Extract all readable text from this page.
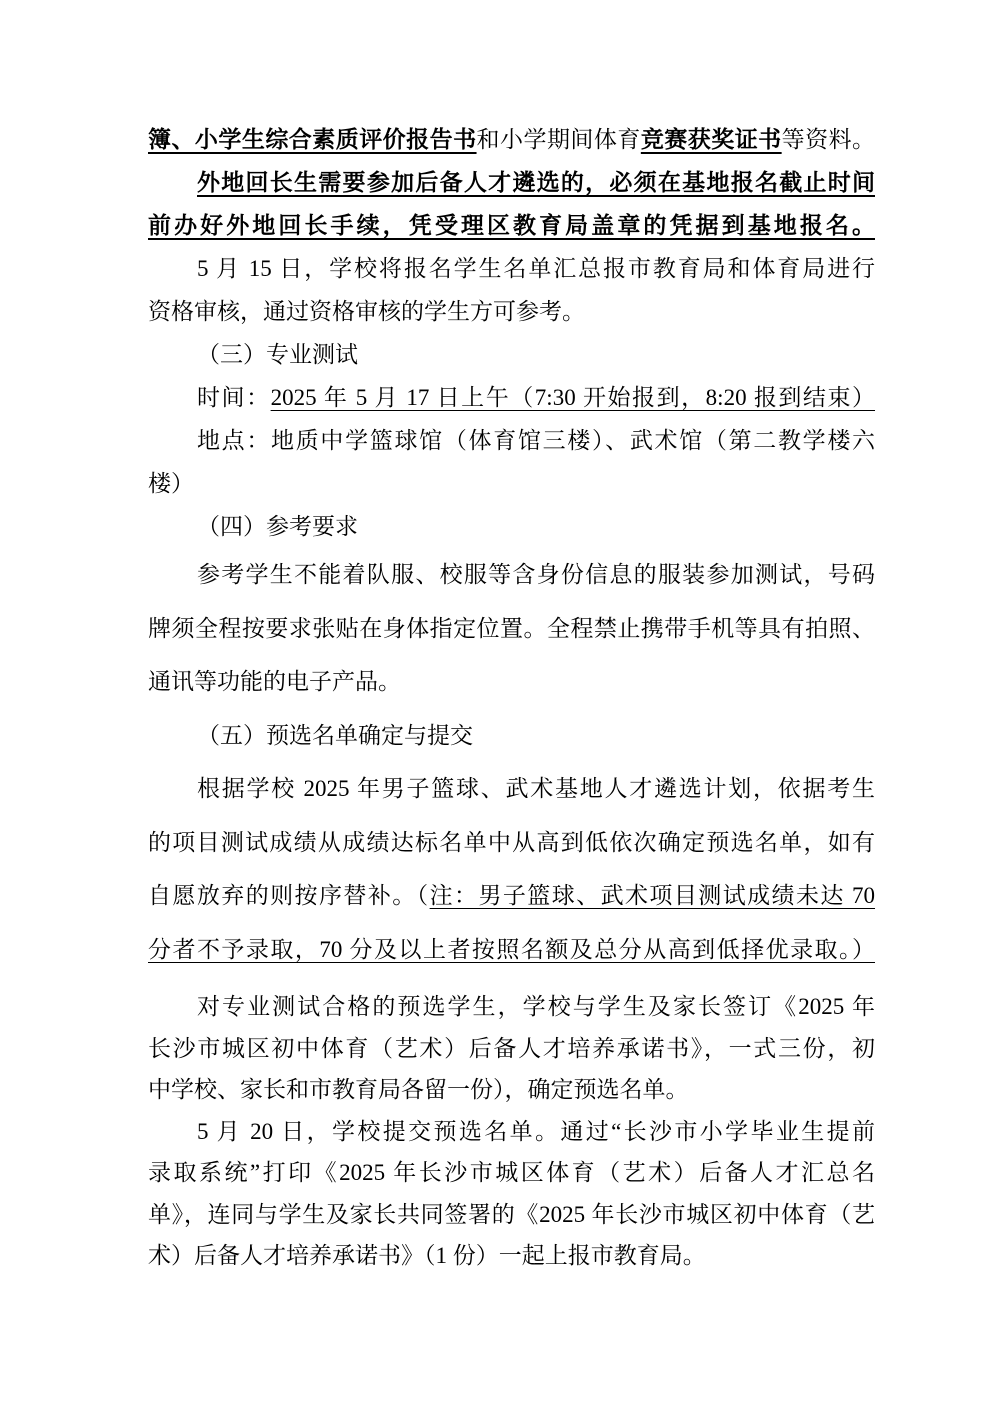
簿、小学生综合素质评价报告书和小学期间体育竞赛获奖证书等资料。
外地回长生需要参加后备人才遴选的，必须在基地报名截止时间
前办好外地回长手续，凭受理区教育局盖章的凭据到基地报名。
5 月 15 日，学校将报名学生名单汇总报市教育局和体育局进行
资格审核，通过资格审核的学生方可参考。
（三）专业测试
时间：2025 年 5 月 17 日上午（7:30 开始报到，8:20 报到结束）
地点：地质中学篮球馆（体育馆三楼）、武术馆（第二教学楼六
楼）
（四）参考要求
参考学生不能着队服、校服等含身份信息的服装参加测试，号码
牌须全程按要求张贴在身体指定位置。全程禁止携带手机等具有拍照、
通讯等功能的电子产品。
（五）预选名单确定与提交
根据学校 2025 年男子篮球、武术基地人才遴选计划，依据考生
的项目测试成绩从成绩达标名单中从高到低依次确定预选名单，如有
自愿放弃的则按序替补。（注：男子篮球、武术项目测试成绩未达 70
分者不予录取，70 分及以上者按照名额及总分从高到低择优录取。）
对专业测试合格的预选学生，学校与学生及家长签订《2025 年
长沙市城区初中体育（艺术）后备人才培养承诺书》，一式三份，初
中学校、家长和市教育局各留一份），确定预选名单。
5 月 20 日，学校提交预选名单。通过“长沙市小学毕业生提前
录取系统”打印《2025 年长沙市城区体育（艺术）后备人才汇总名
单》，连同与学生及家长共同签署的《2025 年长沙市城区初中体育（艺
术）后备人才培养承诺书》（1 份）一起上报市教育局。
